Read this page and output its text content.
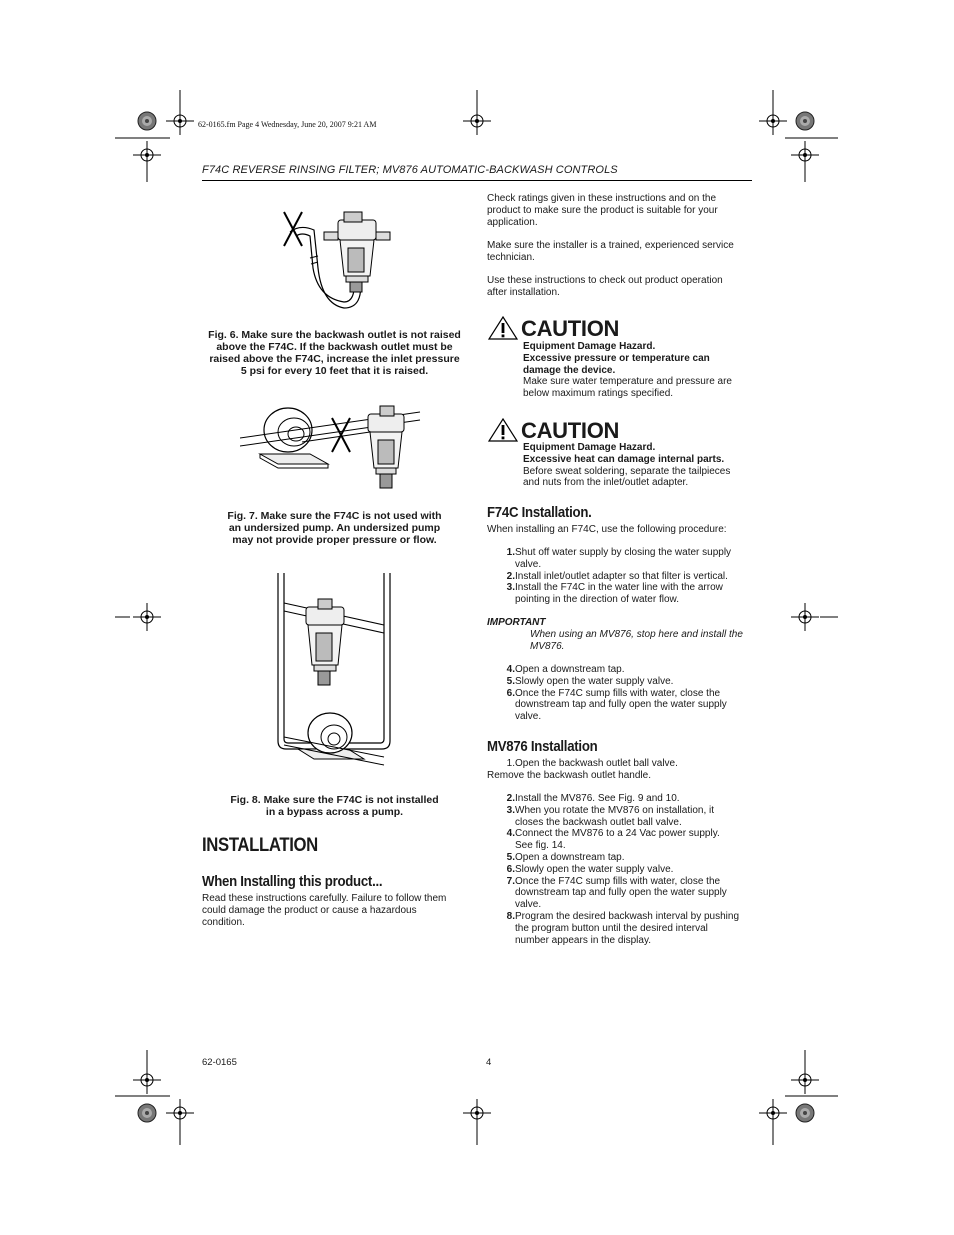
62-0165.fm Page 4 Wednesday, June 20, 2007 9:21 AM
F74C REVERSE RINSING FILTER; MV876 AUTOMATIC-BACKWASH CONTROLS
Fig. 6. Make sure the backwash outlet is not raised
above the F74C. If the backwash outlet must be
raised above the F74C, increase the inlet pressure
5 psi for every 10 feet that it is raised.
Fig. 7. Make sure the F74C is not used with
an undersized pump. An undersized pump
may not provide proper pressure or flow.
Fig. 8. Make sure the F74C is not installed
in a bypass across a pump.
INSTALLATION
When Installing this product...
Read these instructions carefully. Failure to follow them
could damage the product or cause a hazardous
condition.
Check ratings given in these instructions and on the
product to make sure the product is suitable for your
application.
Make sure the installer is a trained, experienced service
technician.
Use these instructions to check out product operation
after installation.
CAUTION
Equipment Damage Hazard.
Excessive pressure or temperature can
damage the device.
Make sure water temperature and pressure are
below maximum ratings specified.
CAUTION
Equipment Damage Hazard.
Excessive heat can damage internal parts.
Before sweat soldering, separate the tailpieces
and nuts from the inlet/outlet adapter.
F74C Installation.
When installing an F74C, use the following procedure:
1. Shut off water supply by closing the water supply
valve.
2. Install inlet/outlet adapter so that filter is vertical.
3. Install the F74C in the water line with the arrow
pointing in the direction of water flow.
IMPORTANT
When using an MV876, stop here and install the
MV876.
4. Open a downstream tap.
5. Slowly open the water supply valve.
6. Once the F74C sump fills with water, close the
downstream tap and fully open the water supply
valve.
MV876 Installation
1. Open the backwash outlet ball valve.
Remove the backwash outlet handle.
2. Install the MV876. See Fig. 9 and 10.
3. When you rotate the MV876 on installation, it
closes the backwash outlet ball valve.
4. Connect the MV876 to a 24 Vac power supply.
See fig. 14.
5. Open a downstream tap.
6. Slowly open the water supply valve.
7. Once the F74C sump fills with water, close the
downstream tap and fully open the water supply
valve.
8. Program the desired backwash interval by pushing
the program button until the desired interval
number appears in the display.
62-0165	4
